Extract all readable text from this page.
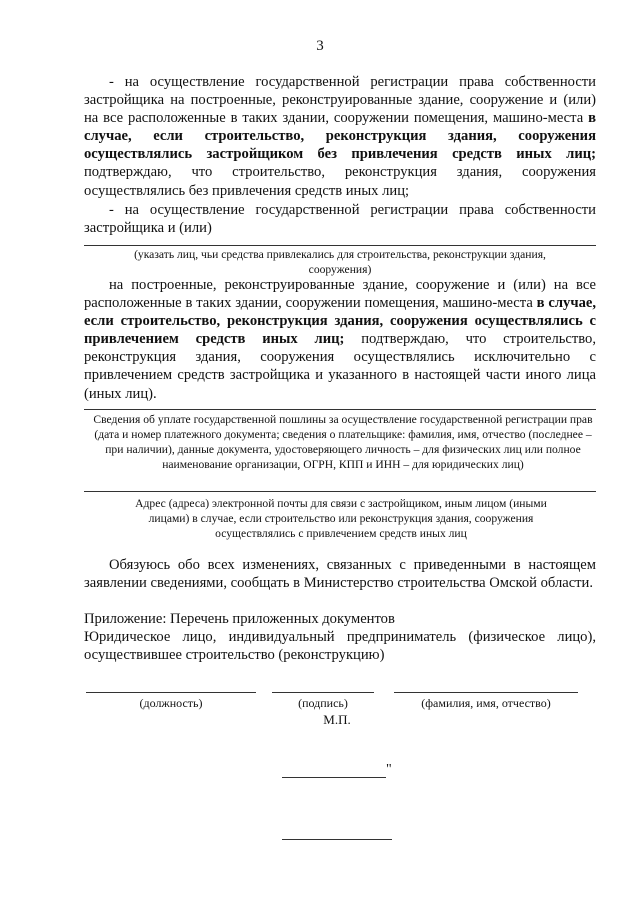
3
- на осуществление государственной регистрации права собственности застройщика на построенные, реконструированные здание, сооружение и (или) на все расположенные в таких здании, сооружении помещения, машино-места в случае, если строительство, реконструкция здания, сооружения осуществлялись застройщиком без привлечения средств иных лиц; подтверждаю, что строительство, реконструкция здания, сооружения осуществлялись без привлечения средств иных лиц;
- на осуществление государственной регистрации права собственности застройщика и (или)
(указать лиц, чьи средства привлекались для строительства, реконструкции здания, сооружения)
на построенные, реконструированные здание, сооружение и (или) на все расположенные в таких здании, сооружении помещения, машино-места в случае, если строительство, реконструкция здания, сооружения осуществлялись с привлечением средств иных лиц; подтверждаю, что строительство, реконструкция здания, сооружения осуществлялись исключительно с привлечением средств застройщика и указанного в настоящей части иного лица (иных лиц).
Сведения об уплате государственной пошлины за осуществление государственной регистрации прав (дата и номер платежного документа; сведения о плательщике: фамилия, имя, отчество (последнее – при наличии), данные документа, удостоверяющего личность – для физических лиц или полное наименование организации, ОГРН, КПП и ИНН – для юридических лиц)
Адрес (адреса) электронной почты для связи с застройщиком, иным лицом (иными лицами) в случае, если строительство или реконструкция здания, сооружения осуществлялись с привлечением средств иных лиц
Обязуюсь обо всех изменениях, связанных с приведенными в настоящем заявлении сведениями, сообщать в Министерство строительства Омской области.
Приложение: Перечень приложенных документов
Юридическое лицо, индивидуальный предприниматель (физическое лицо), осуществившее строительство (реконструкцию)
(должность)	(подпись)	(фамилия, имя, отчество)
М.П.
"
